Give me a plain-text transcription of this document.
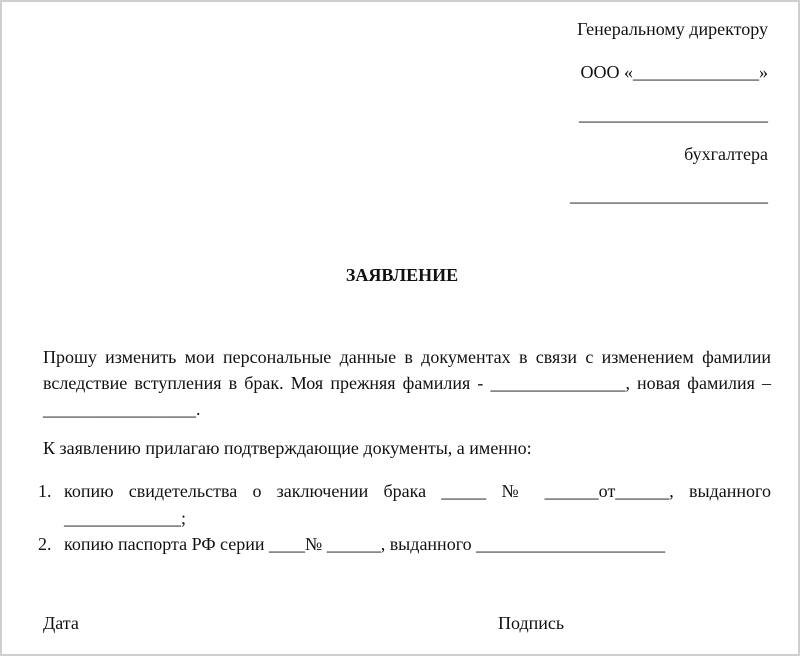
Генеральному директору
ООО «______________»
_____________________
бухгалтера
______________________
ЗАЯВЛЕНИЕ
Прошу изменить мои персональные данные в документах в связи с изменением фамилии вследствие вступления в брак. Моя прежняя фамилия - _______________, новая фамилия – _________________.
К заявлению прилагаю подтверждающие документы, а именно:
1. копию свидетельства о заключении брака _____ № ______от______, выданного
_____________;
2. копию паспорта РФ серии ____№ ______, выданного _____________________
Дата	Подпись
